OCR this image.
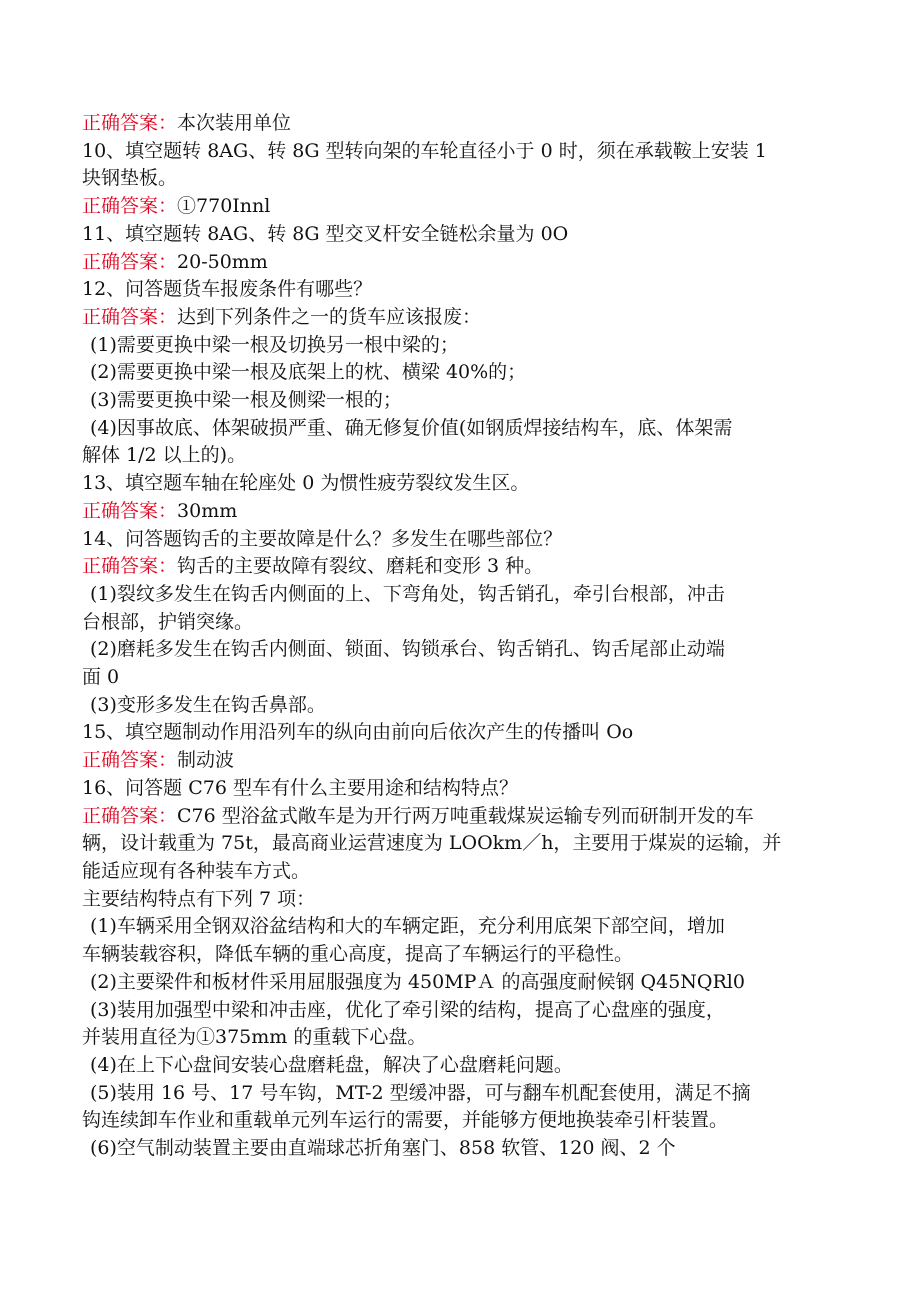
正确答案：本次装用单位
10、填空题转 8AG、转 8G 型转向架的车轮直径小于 0 时，须在承载鞍上安装 1
块钢垫板。
正确答案：①770Innl
11、填空题转 8AG、转 8G 型交叉杆安全链松余量为 0O
正确答案：20-50mm
12、问答题货车报废条件有哪些？
正确答案：达到下列条件之一的货车应该报废：
(1)需要更换中梁一根及切换另一根中梁的；
(2)需要更换中梁一根及底架上的枕、横梁 40%的；
(3)需要更换中梁一根及侧梁一根的；
(4)因事故底、体架破损严重、确无修复价值(如钢质焊接结构车，底、体架需
解体 1/2 以上的)。
13、填空题车轴在轮座处 0 为惯性疲劳裂纹发生区。
正确答案：30mm
14、问答题钩舌的主要故障是什么？多发生在哪些部位？
正确答案：钩舌的主要故障有裂纹、磨耗和变形 3 种。
(1)裂纹多发生在钩舌内侧面的上、下弯角处，钩舌销孔，牵引台根部，冲击
台根部，护销突缘。
(2)磨耗多发生在钩舌内侧面、锁面、钩锁承台、钩舌销孔、钩舌尾部止动端
面 0
(3)变形多发生在钩舌鼻部。
15、填空题制动作用沿列车的纵向由前向后依次产生的传播叫 Oo
正确答案：制动波
16、问答题 C76 型车有什么主要用途和结构特点？
正确答案：C76 型浴盆式敞车是为开行两万吨重载煤炭运输专列而研制开发的车
辆，设计载重为 75t，最高商业运营速度为 LOOkm／h，主要用于煤炭的运输，并
能适应现有各种装车方式。
主要结构特点有下列 7 项：
(1)车辆采用全钢双浴盆结构和大的车辆定距，充分利用底架下部空间，增加
车辆装载容积，降低车辆的重心高度，提高了车辆运行的平稳性。
(2)主要梁件和板材件采用屈服强度为 450MPＡ 的高强度耐候钢 Q45NQRl0
(3)装用加强型中梁和冲击座，优化了牵引梁的结构，提高了心盘座的强度，
并装用直径为①375mm 的重载下心盘。
(4)在上下心盘间安装心盘磨耗盘，解决了心盘磨耗问题。
(5)装用 16 号、17 号车钩，MT-2 型缓冲器，可与翻车机配套使用，满足不摘
钩连续卸车作业和重载单元列车运行的需要，并能够方便地换装牵引杆装置。
(6)空气制动装置主要由直端球芯折角塞门、858 软管、120 阀、2 个
